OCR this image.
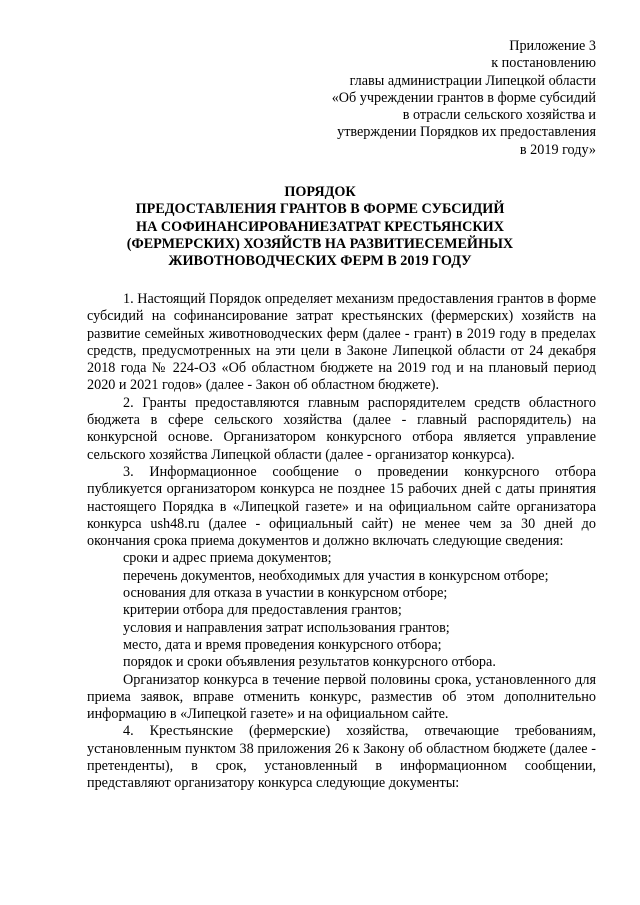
Приложение 3
к постановлению
главы администрации Липецкой области
«Об учреждении грантов в форме субсидий
в отрасли сельского хозяйства и
утверждении Порядков их предоставления
в 2019 году»
ПОРЯДОК
ПРЕДОСТАВЛЕНИЯ ГРАНТОВ В ФОРМЕ СУБСИДИЙ
НА СОФИНАНСИРОВАНИЕЗАТРАТ КРЕСТЬЯНСКИХ
(ФЕРМЕРСКИХ) ХОЗЯЙСТВ НА РАЗВИТИЕСЕМЕЙНЫХ
ЖИВОТНОВОДЧЕСКИХ ФЕРМ В 2019 ГОДУ

1. Настоящий Порядок определяет механизм предоставления грантов в форме субсидий на софинансирование затрат крестьянских (фермерских) хозяйств на развитие семейных животноводческих ферм (далее - грант) в 2019 году в пределах средств, предусмотренных на эти цели в Законе Липецкой области от 24 декабря 2018 года № 224-ОЗ «Об областном бюджете на 2019 год и на плановый период 2020 и 2021 годов» (далее - Закон об областном бюджете).

2. Гранты предоставляются главным распорядителем средств областного бюджета в сфере сельского хозяйства (далее - главный распорядитель) на конкурсной основе. Организатором конкурсного отбора является управление сельского хозяйства Липецкой области (далее - организатор конкурса).

3. Информационное сообщение о проведении конкурсного отбора публикуется организатором конкурса не позднее 15 рабочих дней с даты принятия настоящего Порядка в «Липецкой газете» и на официальном сайте организатора конкурса ush48.ru (далее - официальный сайт) не менее чем за 30 дней до окончания срока приема документов и должно включать следующие сведения:

сроки и адрес приема документов;

перечень документов, необходимых для участия в конкурсном отборе;

основания для отказа в участии в конкурсном отборе;

критерии отбора для предоставления грантов;

условия и направления затрат использования грантов;

место, дата и время проведения конкурсного отбора;

порядок и сроки объявления результатов конкурсного отбора.

Организатор конкурса в течение первой половины срока, установленного для приема заявок, вправе отменить конкурс, разместив об этом дополнительно информацию в «Липецкой газете» и на официальном сайте.

4. Крестьянские (фермерские) хозяйства, отвечающие требованиям, установленным пунктом 38 приложения 26 к Закону об областном бюджете (далее - претенденты), в срок, установленный в информационном сообщении, представляют организатору конкурса следующие документы:
